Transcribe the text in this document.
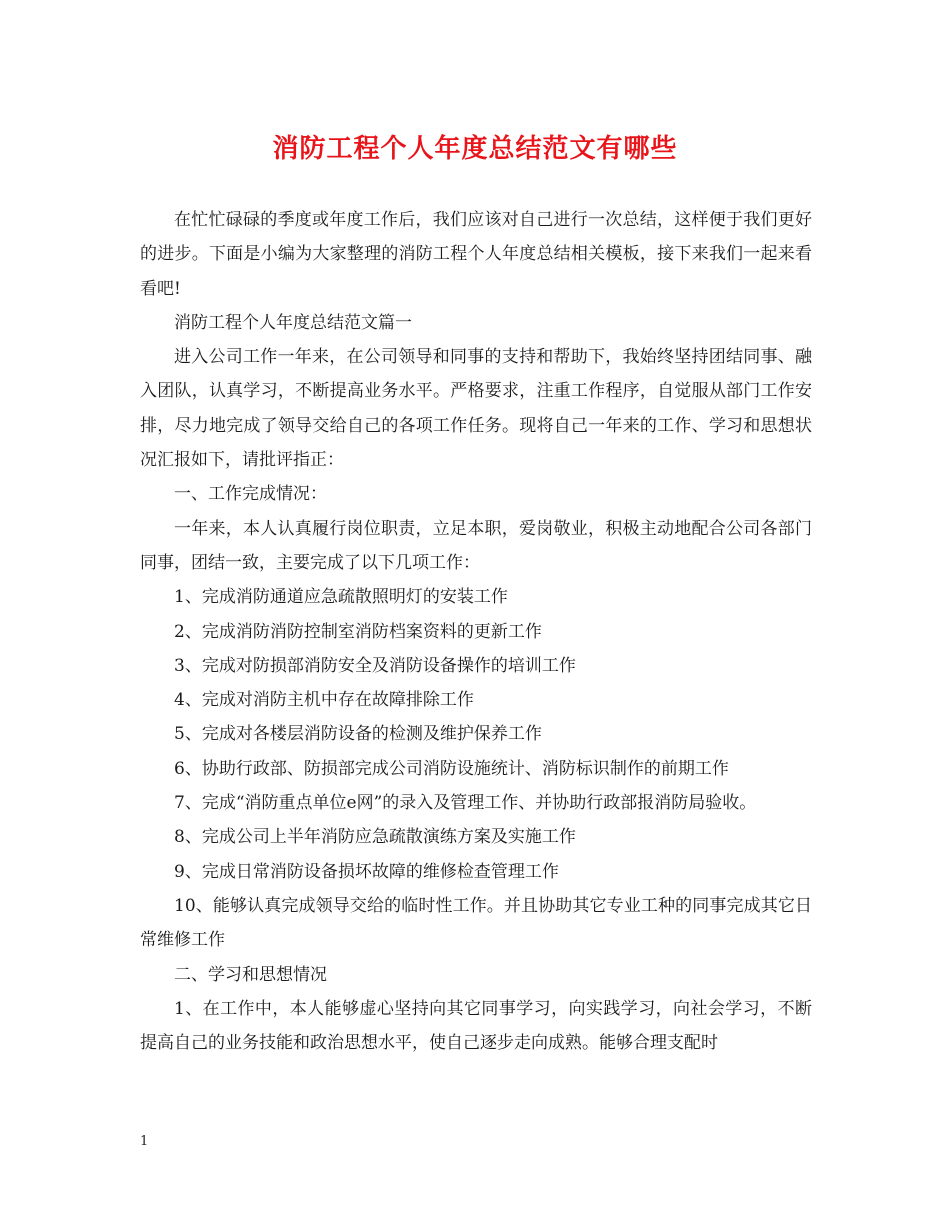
消防工程个人年度总结范文有哪些

在忙忙碌碌的季度或年度工作后，我们应该对自己进行一次总结，这样便于我们更好的进步。下面是小编为大家整理的消防工程个人年度总结相关模板，接下来我们一起来看看吧!

消防工程个人年度总结范文篇一

进入公司工作一年来，在公司领导和同事的支持和帮助下，我始终坚持团结同事、融入团队，认真学习，不断提高业务水平。严格要求，注重工作程序，自觉服从部门工作安排，尽力地完成了领导交给自己的各项工作任务。现将自己一年来的工作、学习和思想状况汇报如下，请批评指正：

一、工作完成情况：

一年来，本人认真履行岗位职责，立足本职，爱岗敬业，积极主动地配合公司各部门同事，团结一致，主要完成了以下几项工作：

1、完成消防通道应急疏散照明灯的安装工作

2、完成消防消防控制室消防档案资料的更新工作

3、完成对防损部消防安全及消防设备操作的培训工作

4、完成对消防主机中存在故障排除工作

5、完成对各楼层消防设备的检测及维护保养工作

6、协助行政部、防损部完成公司消防设施统计、消防标识制作的前期工作

7、完成“消防重点单位e网”的录入及管理工作、并协助行政部报消防局验收。

8、完成公司上半年消防应急疏散演练方案及实施工作

9、完成日常消防设备损坏故障的维修检查管理工作

10、能够认真完成领导交给的临时性工作。并且协助其它专业工种的同事完成其它日常维修工作

二、学习和思想情况

1、在工作中，本人能够虚心坚持向其它同事学习，向实践学习，向社会学习，不断提高自己的业务技能和政治思想水平，使自己逐步走向成熟。能够合理支配时

1
